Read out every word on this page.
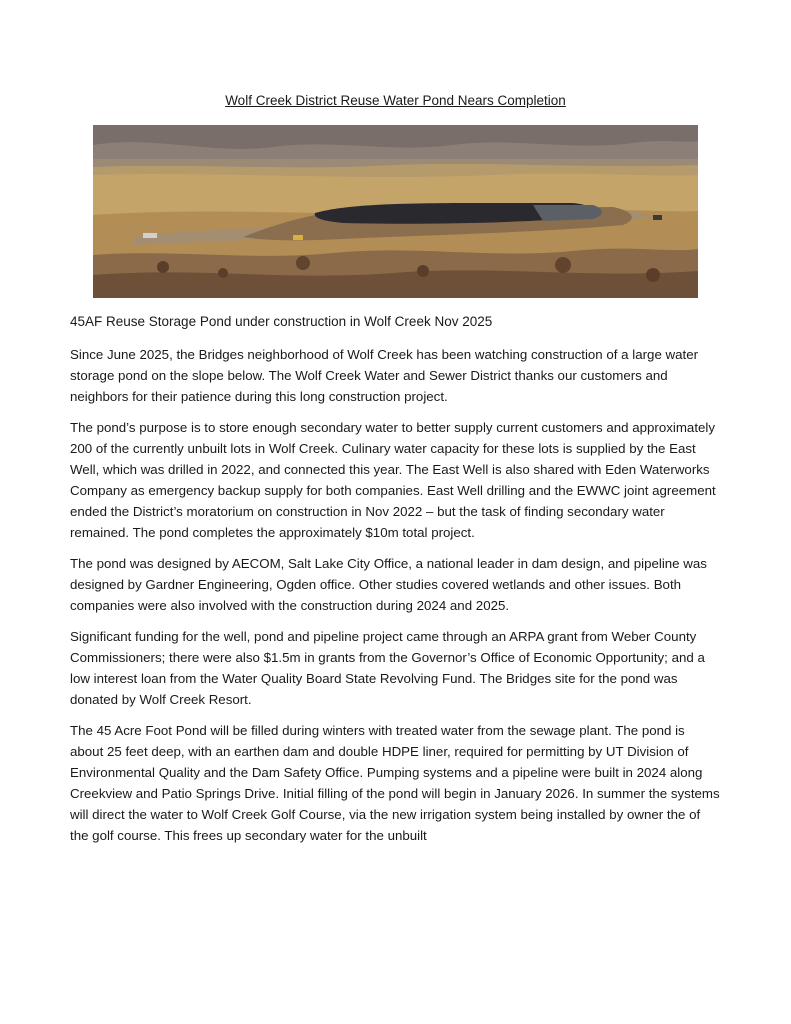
Wolf Creek District Reuse Water Pond Nears Completion

45AF Reuse Storage Pond under construction in Wolf Creek Nov 2025

Since June 2025, the Bridges neighborhood of Wolf Creek has been watching construction of a large water storage pond on the slope below. The Wolf Creek Water and Sewer District thanks our customers and neighbors for their patience during this long construction project.

The pond’s purpose is to store enough secondary water to better supply current customers and approximately 200 of the currently unbuilt lots in Wolf Creek. Culinary water capacity for these lots is supplied by the East Well, which was drilled in 2022, and connected this year. The East Well is also shared with Eden Waterworks Company as emergency backup supply for both companies. East Well drilling and the EWWC joint agreement ended the District’s moratorium on construction in Nov 2022 – but the task of finding secondary water remained. The pond completes the approximately $10m total project.

The pond was designed by AECOM, Salt Lake City Office, a national leader in dam design, and pipeline was designed by Gardner Engineering, Ogden office. Other studies covered wetlands and other issues. Both companies were also involved with the construction during 2024 and 2025.

Significant funding for the well, pond and pipeline project came through an ARPA grant from Weber County Commissioners; there were also $1.5m in grants from the Governor’s Office of Economic Opportunity; and a low interest loan from the Water Quality Board State Revolving Fund. The Bridges site for the pond was donated by Wolf Creek Resort.

The 45 Acre Foot Pond will be filled during winters with treated water from the sewage plant. The pond is about 25 feet deep, with an earthen dam and double HDPE liner, required for permitting by UT Division of Environmental Quality and the Dam Safety Office. Pumping systems and a pipeline were built in 2024 along Creekview and Patio Springs Drive. Initial filling of the pond will begin in January 2026. In summer the systems will direct the water to Wolf Creek Golf Course, via the new irrigation system being installed by owner the of the golf course. This frees up secondary water for the unbuilt
